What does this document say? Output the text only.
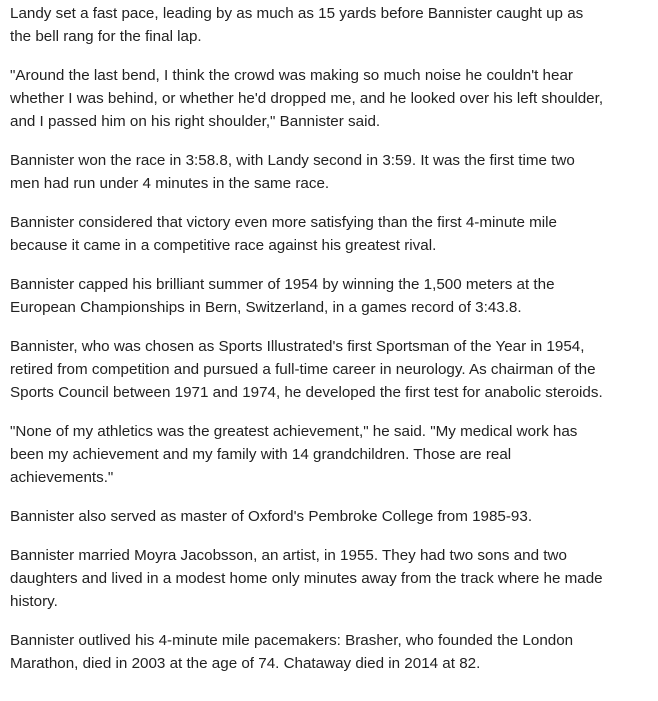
Landy set a fast pace, leading by as much as 15 yards before Bannister caught up as
the bell rang for the final lap.

"Around the last bend, I think the crowd was making so much noise he couldn't hear
whether I was behind, or whether he'd dropped me, and he looked over his left shoulder,
and I passed him on his right shoulder," Bannister said.

Bannister won the race in 3:58.8, with Landy second in 3:59. It was the first time two
men had run under 4 minutes in the same race.

Bannister considered that victory even more satisfying than the first 4-minute mile
because it came in a competitive race against his greatest rival.

Bannister capped his brilliant summer of 1954 by winning the 1,500 meters at the
European Championships in Bern, Switzerland, in a games record of 3:43.8.

Bannister, who was chosen as Sports Illustrated's first Sportsman of the Year in 1954,
retired from competition and pursued a full-time career in neurology. As chairman of the
Sports Council between 1971 and 1974, he developed the first test for anabolic steroids.

"None of my athletics was the greatest achievement," he said. "My medical work has
been my achievement and my family with 14 grandchildren. Those are real
achievements."

Bannister also served as master of Oxford's Pembroke College from 1985-93.

Bannister married Moyra Jacobsson, an artist, in 1955. They had two sons and two
daughters and lived in a modest home only minutes away from the track where he made
history.

Bannister outlived his 4-minute mile pacemakers: Brasher, who founded the London
Marathon, died in 2003 at the age of 74. Chataway died in 2014 at 82.
